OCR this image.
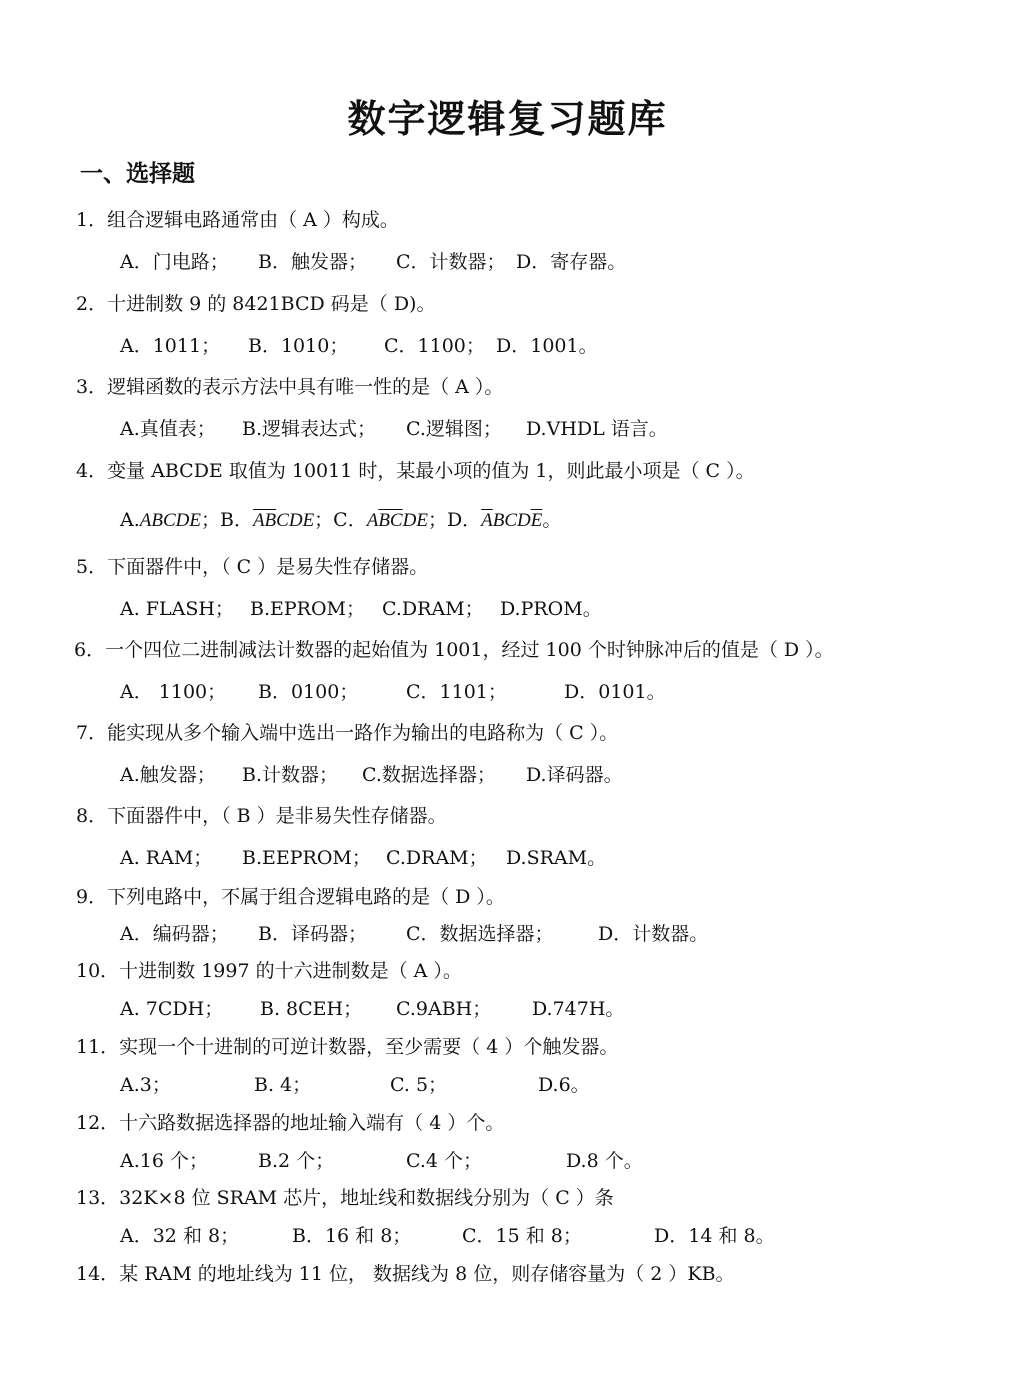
数字逻辑复习题库
一、选择题
1．组合逻辑电路通常由（ A ）构成。
A．门电路； B．触发器； C．计数器； D．寄存器。
2．十进制数 9 的 8421BCD 码是（ D)。
A．1011； B．1010； C．1100； D．1001。
3．逻辑函数的表示方法中具有唯一性的是（ A ）。
A.真值表； B.逻辑表达式； C.逻辑图； D.VHDL 语言。
4．变量 ABCDE 取值为 10011 时，某最小项的值为 1，则此最小项是（ C ）。
A.ABCDE；B．$\overline{AB}CDE$；C．$A\overline{BC}DE$；D．$\overline{A}BCD\overline{E}$。
5．下面器件中，（ C ）是易失性存储器。
A. FLASH； B.EPROM； C.DRAM； D.PROM。
6．一个四位二进制减法计数器的起始值为 1001，经过 100 个时钟脉冲后的值是（ D ）。
A． 1100； B．0100；	C．1101；	D．0101。
7．能实现从多个输入端中选出一路作为输出的电路称为（ C ）。
A.触发器； B.计数器； C.数据选择器； D.译码器。
8．下面器件中，（ B ）是非易失性存储器。
A. RAM； B.EEPROM； C.DRAM； D.SRAM。
9．下列电路中，不属于组合逻辑电路的是（ D ）。
A．编码器； B．译码器； C．数据选择器； D．计数器。
10．十进制数 1997 的十六进制数是（ A ）。
A. 7CDH； B. 8CEH； C.9ABH； D.747H。
11．实现一个十进制的可逆计数器，至少需要（ 4 ）个触发器。
A.3；	B. 4；	C. 5；	D.6。
12．十六路数据选择器的地址输入端有（ 4 ）个。
A.16 个；	B.2 个；	C.4 个；	D.8 个。
13．32K×8 位 SRAM 芯片，地址线和数据线分别为（ C ）条
A．32 和 8；	B．16 和 8；	C．15 和 8；	D．14 和 8。
14．某 RAM 的地址线为 11 位， 数据线为 8 位，则存储容量为（ 2 ）KB。
